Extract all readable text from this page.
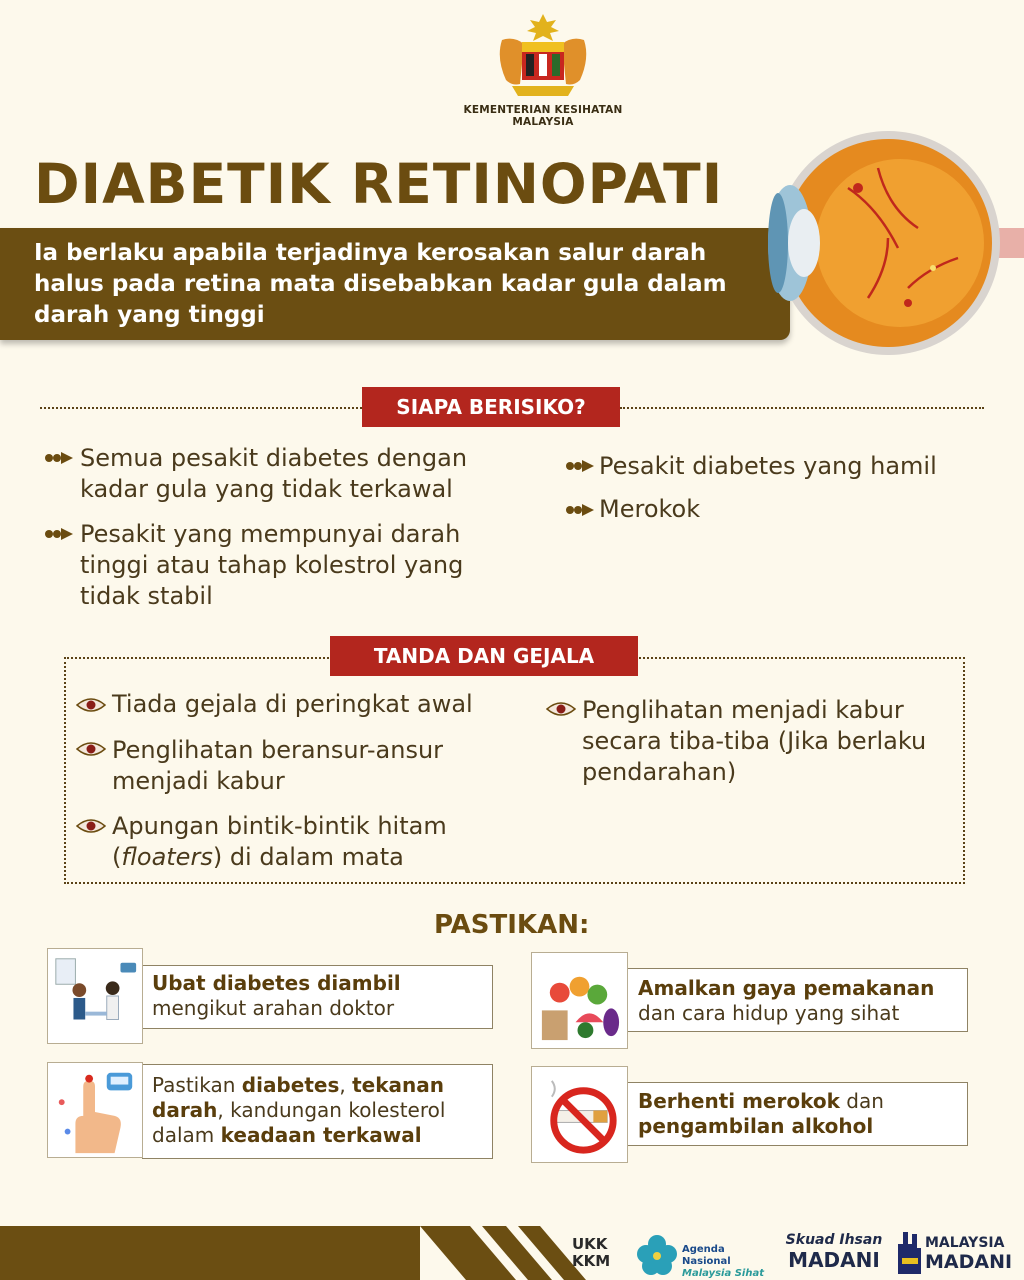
KEMENTERIAN KESIHATAN MALAYSIA
DIABETIK RETINOPATI
Ia berlaku apabila terjadinya kerosakan salur darah halus pada retina mata disebabkan kadar gula dalam darah yang tinggi
SIAPA BERISIKO?
Semua pesakit diabetes dengan kadar gula yang tidak terkawal
Pesakit yang mempunyai darah tinggi atau tahap kolestrol yang tidak stabil
Pesakit diabetes yang hamil
Merokok
TANDA DAN GEJALA
Tiada gejala di peringkat awal
Penglihatan beransur-ansur menjadi kabur
Apungan bintik-bintik hitam
(floaters) di dalam mata
Penglihatan menjadi kabur secara tiba-tiba (Jika berlaku pendarahan)
PASTIKAN:
Ubat diabetes diambil
mengikut arahan doktor
Pastikan diabetes, tekanan darah, kandungan kolesterol dalam keadaan terkawal
Amalkan gaya pemakanan
dan cara hidup yang sihat
Berhenti merokok dan
pengambilan alkohol
UKK
KKM
Agenda Nasional
Malaysia Sihat
Skuad Ihsan
MADANI
MALAYSIA
MADANI
